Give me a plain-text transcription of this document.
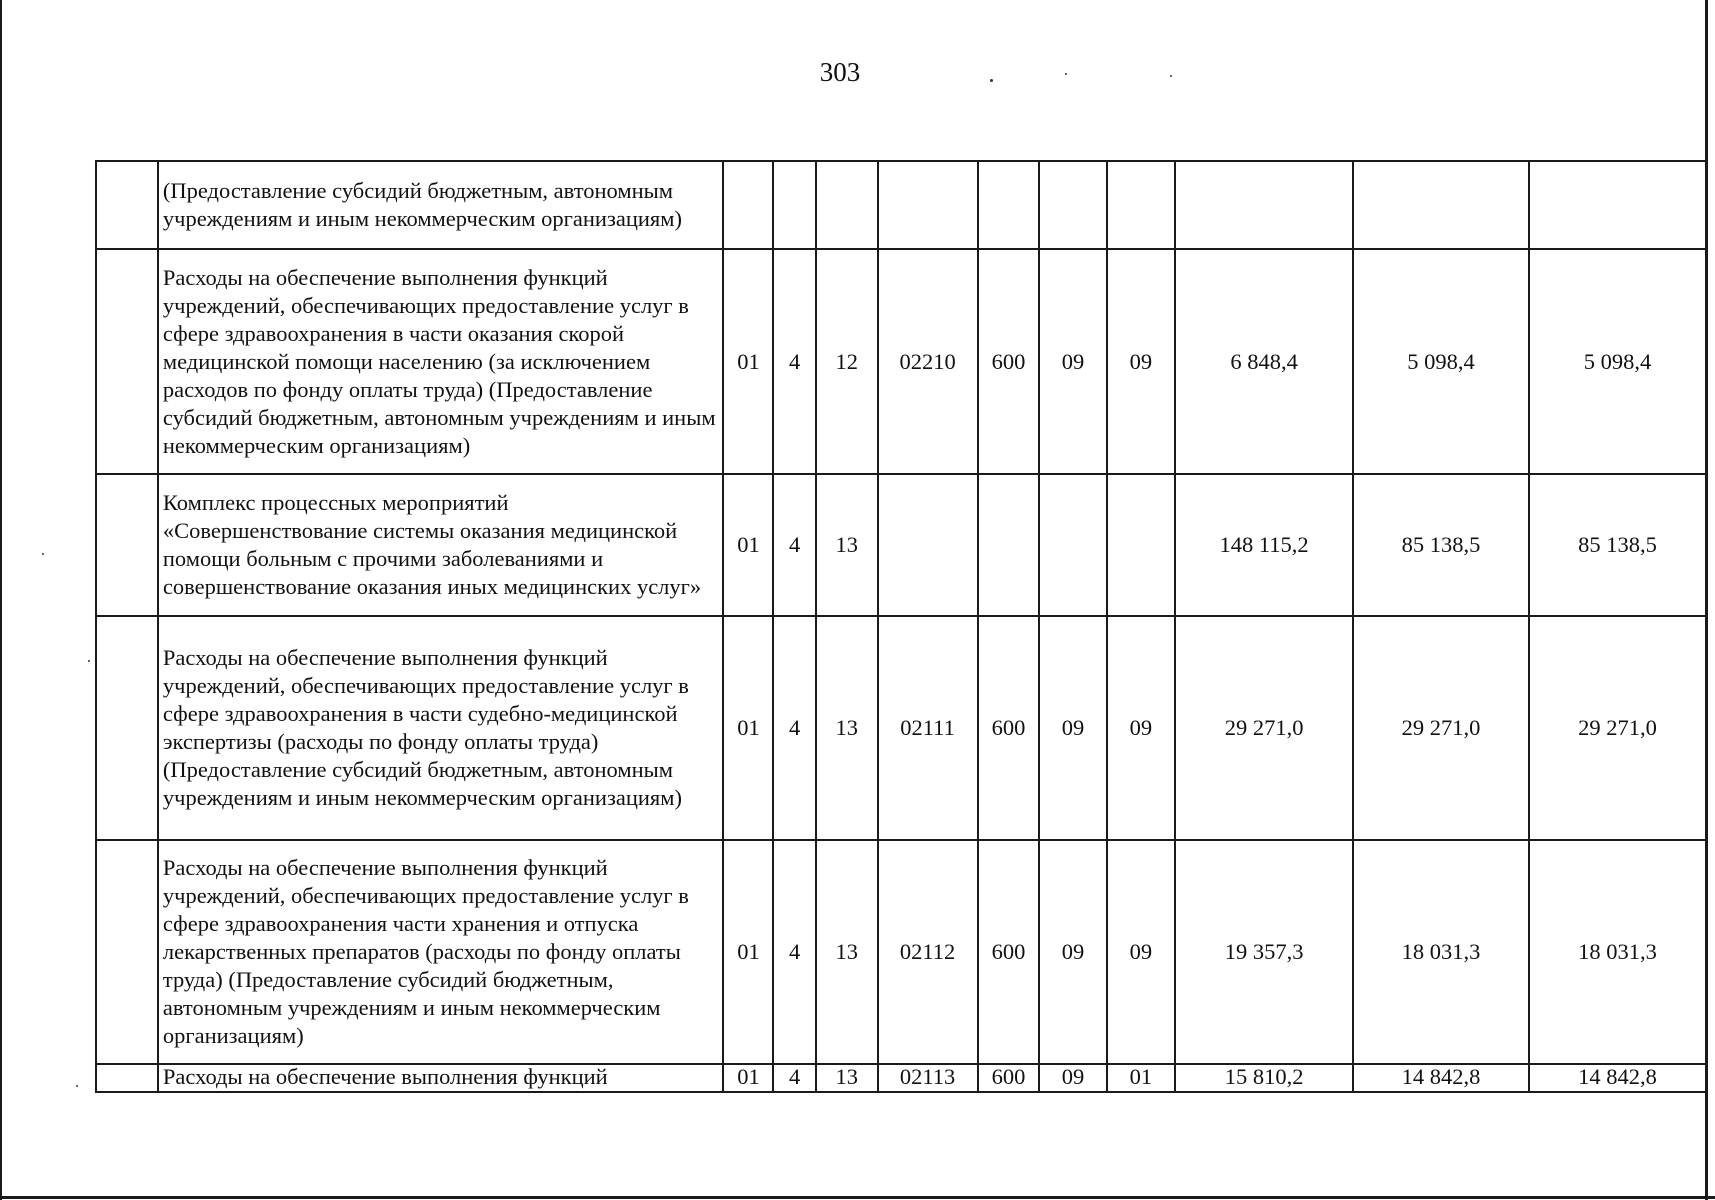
303
	(Предоставление субсидий бюджетным, автономным учреждениям и иным некоммерческим организациям)										
	Расходы на обеспечение выполнения функций учреждений, обеспечивающих предоставление услуг в сфере здравоохранения в части оказания скорой медицинской помощи населению (за исключением расходов по фонду оплаты труда) (Предоставление субсидий бюджетным, автономным учреждениям и иным некоммерческим организациям)	01	4	12	02210	600	09	09	6 848,4	5 098,4	5 098,4
	Комплекс процессных мероприятий «Совершенствование системы оказания медицинской помощи больным с прочими заболеваниями и совершенствование оказания иных медицинских услуг»	01	4	13					148 115,2	85 138,5	85 138,5
	Расходы на обеспечение выполнения функций учреждений, обеспечивающих предоставление услуг в сфере здравоохранения в части судебно-медицинской экспертизы (расходы по фонду оплаты труда) (Предоставление субсидий бюджетным, автономным учреждениям и иным некоммерческим организациям)	01	4	13	02111	600	09	09	29 271,0	29 271,0	29 271,0
	Расходы на обеспечение выполнения функций учреждений, обеспечивающих предоставление услуг в сфере здравоохранения части хранения и отпуска лекарственных препаратов (расходы по фонду оплаты труда) (Предоставление субсидий бюджетным, автономным учреждениям и иным некоммерческим организациям)	01	4	13	02112	600	09	09	19 357,3	18 031,3	18 031,3
	Расходы на обеспечение выполнения функций	01	4	13	02113	600	09	01	15 810,2	14 842,8	14 842,8
